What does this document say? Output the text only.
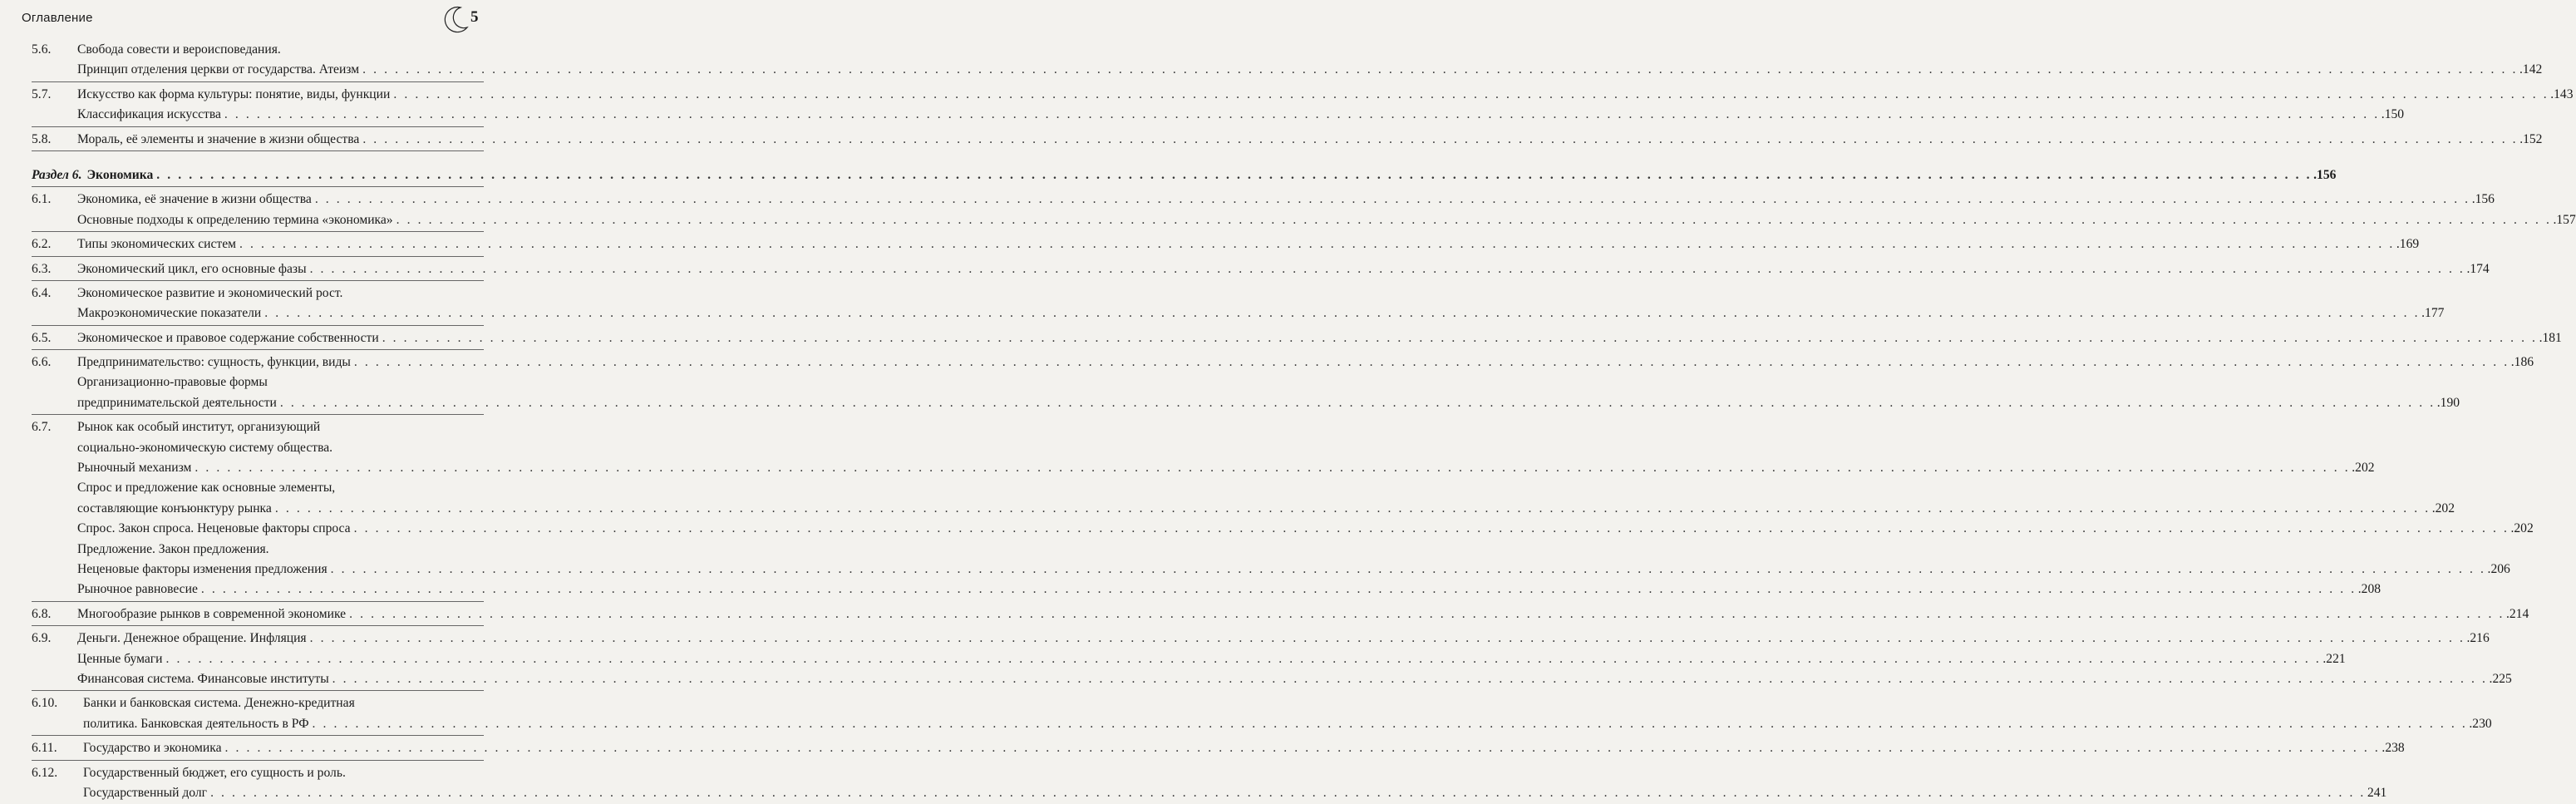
Оглавление	5
5.6.	Свобода совести и вероисповедания.
Принцип отделения церкви от государства. Атеизм . . . . . . . . . . . . . . . . . . . . . . . . . . . . . . . . . . . . . . . . . . . . . . . . . . . . . . . . . . . . . . . . . . . . . . . . . . . . . . . . . . . . . . . . . . . . . . . . . . . . . . . . . . . . . . . . . . . . . . . . . . . . . . . . . . . . . . . . . . . . . . . . . . . . . . . . . . . . . . . . . . . . . . . . . . . . . . . . . . . . . . . . . . . . . . . . . . . . . . . . .142
5.7.	Искусство как форма культуры: понятие, виды, функции . . . . . . . . . . . . . . . . . . . . . . . . . . . . . . . . . . . . . . . . . . . . . . . . . . . . . . . . . . . . . . . . . . . . . . . . . . . . . . . . . . . . . . . . . . . . . . . . . . . . . . . . . . . . . . . . . . . . . . . . . . . . . . . . . . . . . . . . . . . . . . . . . . . . . . . . . . . . . . . . . . . . . . . . . . . . . . . . . . . . . . . . . . . . . . . . . . . . . . . . .143
Классификация искусства . . . . . . . . . . . . . . . . . . . . . . . . . . . . . . . . . . . . . . . . . . . . . . . . . . . . . . . . . . . . . . . . . . . . . . . . . . . . . . . . . . . . . . . . . . . . . . . . . . . . . . . . . . . . . . . . . . . . . . . . . . . . . . . . . . . . . . . . . . . . . . . . . . . . . . . . . . . . . . . . . . . . . . . . . . . . . . . . . . . . . . . . . . . . . . . . . . . . . . . . .150
5.8.	Мораль, её элементы и значение в жизни общества . . . . . . . . . . . . . . . . . . . . . . . . . . . . . . . . . . . . . . . . . . . . . . . . . . . . . . . . . . . . . . . . . . . . . . . . . . . . . . . . . . . . . . . . . . . . . . . . . . . . . . . . . . . . . . . . . . . . . . . . . . . . . . . . . . . . . . . . . . . . . . . . . . . . . . . . . . . . . . . . . . . . . . . . . . . . . . . . . . . . . . . . . . . . . . . . . . . . . . . . .152
Раздел 6. Экономика . . . . . . . . . . . . . . . . . . . . . . . . . . . . . . . . . . . . . . . . . . . . . . . . . . . . . . . . . . . . . . . . . . . . . . . . . . . . . . . . . . . . . . . . . . . . . . . . . . . . . . . . . . . . . . . . . . . . . . . . . . . . . . . . . . . . . . . . . . . . . . . . . . . . . . . . . . . . . . . . . . . . . . . . . . . . . . . . . . . . . . . . . . . . . . . . . . . . . . . . .156
6.1.	Экономика, её значение в жизни общества . . . . . . . . . . . . . . . . . . . . . . . . . . . . . . . . . . . . . . . . . . . . . . . . . . . . . . . . . . . . . . . . . . . . . . . . . . . . . . . . . . . . . . . . . . . . . . . . . . . . . . . . . . . . . . . . . . . . . . . . . . . . . . . . . . . . . . . . . . . . . . . . . . . . . . . . . . . . . . . . . . . . . . . . . . . . . . . . . . . . . . . . . . . . . . . . . . . . . . . . .156
Основные подходы к определению термина «экономика» . . . . . . . . . . . . . . . . . . . . . . . . . . . . . . . . . . . . . . . . . . . . . . . . . . . . . . . . . . . . . . . . . . . . . . . . . . . . . . . . . . . . . . . . . . . . . . . . . . . . . . . . . . . . . . . . . . . . . . . . . . . . . . . . . . . . . . . . . . . . . . . . . . . . . . . . . . . . . . . . . . . . . . . . . . . . . . . . . . . . . . . . . . . . . . . . . . . . . . . . .157
6.2.	Типы экономических систем . . . . . . . . . . . . . . . . . . . . . . . . . . . . . . . . . . . . . . . . . . . . . . . . . . . . . . . . . . . . . . . . . . . . . . . . . . . . . . . . . . . . . . . . . . . . . . . . . . . . . . . . . . . . . . . . . . . . . . . . . . . . . . . . . . . . . . . . . . . . . . . . . . . . . . . . . . . . . . . . . . . . . . . . . . . . . . . . . . . . . . . . . . . . . . . . . . . . . . . . .169
6.3.	Экономический цикл, его основные фазы . . . . . . . . . . . . . . . . . . . . . . . . . . . . . . . . . . . . . . . . . . . . . . . . . . . . . . . . . . . . . . . . . . . . . . . . . . . . . . . . . . . . . . . . . . . . . . . . . . . . . . . . . . . . . . . . . . . . . . . . . . . . . . . . . . . . . . . . . . . . . . . . . . . . . . . . . . . . . . . . . . . . . . . . . . . . . . . . . . . . . . . . . . . . . . . . . . . . . . . . .174
6.4.	Экономическое развитие и экономический рост.
Макроэкономические показатели . . . . . . . . . . . . . . . . . . . . . . . . . . . . . . . . . . . . . . . . . . . . . . . . . . . . . . . . . . . . . . . . . . . . . . . . . . . . . . . . . . . . . . . . . . . . . . . . . . . . . . . . . . . . . . . . . . . . . . . . . . . . . . . . . . . . . . . . . . . . . . . . . . . . . . . . . . . . . . . . . . . . . . . . . . . . . . . . . . . . . . . . . . . . . . . . . . . . . . . . .177
6.5.	Экономическое и правовое содержание собственности . . . . . . . . . . . . . . . . . . . . . . . . . . . . . . . . . . . . . . . . . . . . . . . . . . . . . . . . . . . . . . . . . . . . . . . . . . . . . . . . . . . . . . . . . . . . . . . . . . . . . . . . . . . . . . . . . . . . . . . . . . . . . . . . . . . . . . . . . . . . . . . . . . . . . . . . . . . . . . . . . . . . . . . . . . . . . . . . . . . . . . . . . . . . . . . . . . . . . . . . .181
6.6.	Предпринимательство: сущность, функции, виды . . . . . . . . . . . . . . . . . . . . . . . . . . . . . . . . . . . . . . . . . . . . . . . . . . . . . . . . . . . . . . . . . . . . . . . . . . . . . . . . . . . . . . . . . . . . . . . . . . . . . . . . . . . . . . . . . . . . . . . . . . . . . . . . . . . . . . . . . . . . . . . . . . . . . . . . . . . . . . . . . . . . . . . . . . . . . . . . . . . . . . . . . . . . . . . . . . . . . . . . .186
Организационно-правовые формы
предпринимательской деятельности . . . . . . . . . . . . . . . . . . . . . . . . . . . . . . . . . . . . . . . . . . . . . . . . . . . . . . . . . . . . . . . . . . . . . . . . . . . . . . . . . . . . . . . . . . . . . . . . . . . . . . . . . . . . . . . . . . . . . . . . . . . . . . . . . . . . . . . . . . . . . . . . . . . . . . . . . . . . . . . . . . . . . . . . . . . . . . . . . . . . . . . . . . . . . . . . . . . . . . . . .190
6.7.	Рынок как особый институт, организующий
социально-экономическую систему общества.
Рыночный механизм . . . . . . . . . . . . . . . . . . . . . . . . . . . . . . . . . . . . . . . . . . . . . . . . . . . . . . . . . . . . . . . . . . . . . . . . . . . . . . . . . . . . . . . . . . . . . . . . . . . . . . . . . . . . . . . . . . . . . . . . . . . . . . . . . . . . . . . . . . . . . . . . . . . . . . . . . . . . . . . . . . . . . . . . . . . . . . . . . . . . . . . . . . . . . . . . . . . . . . . . .202
Спрос и предложение как основные элементы,
составляющие конъюнктуру рынка . . . . . . . . . . . . . . . . . . . . . . . . . . . . . . . . . . . . . . . . . . . . . . . . . . . . . . . . . . . . . . . . . . . . . . . . . . . . . . . . . . . . . . . . . . . . . . . . . . . . . . . . . . . . . . . . . . . . . . . . . . . . . . . . . . . . . . . . . . . . . . . . . . . . . . . . . . . . . . . . . . . . . . . . . . . . . . . . . . . . . . . . . . . . . . . . . . . . . . . . .202
Спрос. Закон спроса. Неценовые факторы спроса . . . . . . . . . . . . . . . . . . . . . . . . . . . . . . . . . . . . . . . . . . . . . . . . . . . . . . . . . . . . . . . . . . . . . . . . . . . . . . . . . . . . . . . . . . . . . . . . . . . . . . . . . . . . . . . . . . . . . . . . . . . . . . . . . . . . . . . . . . . . . . . . . . . . . . . . . . . . . . . . . . . . . . . . . . . . . . . . . . . . . . . . . . . . . . . . . . . . . . . . .202
Предложение. Закон предложения.
Неценовые факторы изменения предложения . . . . . . . . . . . . . . . . . . . . . . . . . . . . . . . . . . . . . . . . . . . . . . . . . . . . . . . . . . . . . . . . . . . . . . . . . . . . . . . . . . . . . . . . . . . . . . . . . . . . . . . . . . . . . . . . . . . . . . . . . . . . . . . . . . . . . . . . . . . . . . . . . . . . . . . . . . . . . . . . . . . . . . . . . . . . . . . . . . . . . . . . . . . . . . . . . . . . . . . . .206
Рыночное равновесие . . . . . . . . . . . . . . . . . . . . . . . . . . . . . . . . . . . . . . . . . . . . . . . . . . . . . . . . . . . . . . . . . . . . . . . . . . . . . . . . . . . . . . . . . . . . . . . . . . . . . . . . . . . . . . . . . . . . . . . . . . . . . . . . . . . . . . . . . . . . . . . . . . . . . . . . . . . . . . . . . . . . . . . . . . . . . . . . . . . . . . . . . . . . . . . . . . . . . . . . .208
6.8.	Многообразие рынков в современной экономике . . . . . . . . . . . . . . . . . . . . . . . . . . . . . . . . . . . . . . . . . . . . . . . . . . . . . . . . . . . . . . . . . . . . . . . . . . . . . . . . . . . . . . . . . . . . . . . . . . . . . . . . . . . . . . . . . . . . . . . . . . . . . . . . . . . . . . . . . . . . . . . . . . . . . . . . . . . . . . . . . . . . . . . . . . . . . . . . . . . . . . . . . . . . . . . . . . . . . . . . .214
6.9.	Деньги. Денежное обращение. Инфляция . . . . . . . . . . . . . . . . . . . . . . . . . . . . . . . . . . . . . . . . . . . . . . . . . . . . . . . . . . . . . . . . . . . . . . . . . . . . . . . . . . . . . . . . . . . . . . . . . . . . . . . . . . . . . . . . . . . . . . . . . . . . . . . . . . . . . . . . . . . . . . . . . . . . . . . . . . . . . . . . . . . . . . . . . . . . . . . . . . . . . . . . . . . . . . . . . . . . . . . . .216
Ценные бумаги . . . . . . . . . . . . . . . . . . . . . . . . . . . . . . . . . . . . . . . . . . . . . . . . . . . . . . . . . . . . . . . . . . . . . . . . . . . . . . . . . . . . . . . . . . . . . . . . . . . . . . . . . . . . . . . . . . . . . . . . . . . . . . . . . . . . . . . . . . . . . . . . . . . . . . . . . . . . . . . . . . . . . . . . . . . . . . . . . . . . . . . . . . . . . . . . . . . . . . . . .221
Финансовая система. Финансовые институты . . . . . . . . . . . . . . . . . . . . . . . . . . . . . . . . . . . . . . . . . . . . . . . . . . . . . . . . . . . . . . . . . . . . . . . . . . . . . . . . . . . . . . . . . . . . . . . . . . . . . . . . . . . . . . . . . . . . . . . . . . . . . . . . . . . . . . . . . . . . . . . . . . . . . . . . . . . . . . . . . . . . . . . . . . . . . . . . . . . . . . . . . . . . . . . . . . . . . . . . .225
6.10.	Банки и банковская система. Денежно-кредитная
политика. Банковская деятельность в РФ . . . . . . . . . . . . . . . . . . . . . . . . . . . . . . . . . . . . . . . . . . . . . . . . . . . . . . . . . . . . . . . . . . . . . . . . . . . . . . . . . . . . . . . . . . . . . . . . . . . . . . . . . . . . . . . . . . . . . . . . . . . . . . . . . . . . . . . . . . . . . . . . . . . . . . . . . . . . . . . . . . . . . . . . . . . . . . . . . . . . . . . . . . . . . . . . . . . . . . . . .230
6.11.	Государство и экономика . . . . . . . . . . . . . . . . . . . . . . . . . . . . . . . . . . . . . . . . . . . . . . . . . . . . . . . . . . . . . . . . . . . . . . . . . . . . . . . . . . . . . . . . . . . . . . . . . . . . . . . . . . . . . . . . . . . . . . . . . . . . . . . . . . . . . . . . . . . . . . . . . . . . . . . . . . . . . . . . . . . . . . . . . . . . . . . . . . . . . . . . . . . . . . . . . . . . . . . . .238
6.12.	Государственный бюджет, его сущность и роль.
Государственный долг . . . . . . . . . . . . . . . . . . . . . . . . . . . . . . . . . . . . . . . . . . . . . . . . . . . . . . . . . . . . . . . . . . . . . . . . . . . . . . . . . . . . . . . . . . . . . . . . . . . . . . . . . . . . . . . . . . . . . . . . . . . . . . . . . . . . . . . . . . . . . . . . . . . . . . . . . . . . . . . . . . . . . . . . . . . . . . . . . . . . . . . . . . . . . . . . . . . . . . . . 241
